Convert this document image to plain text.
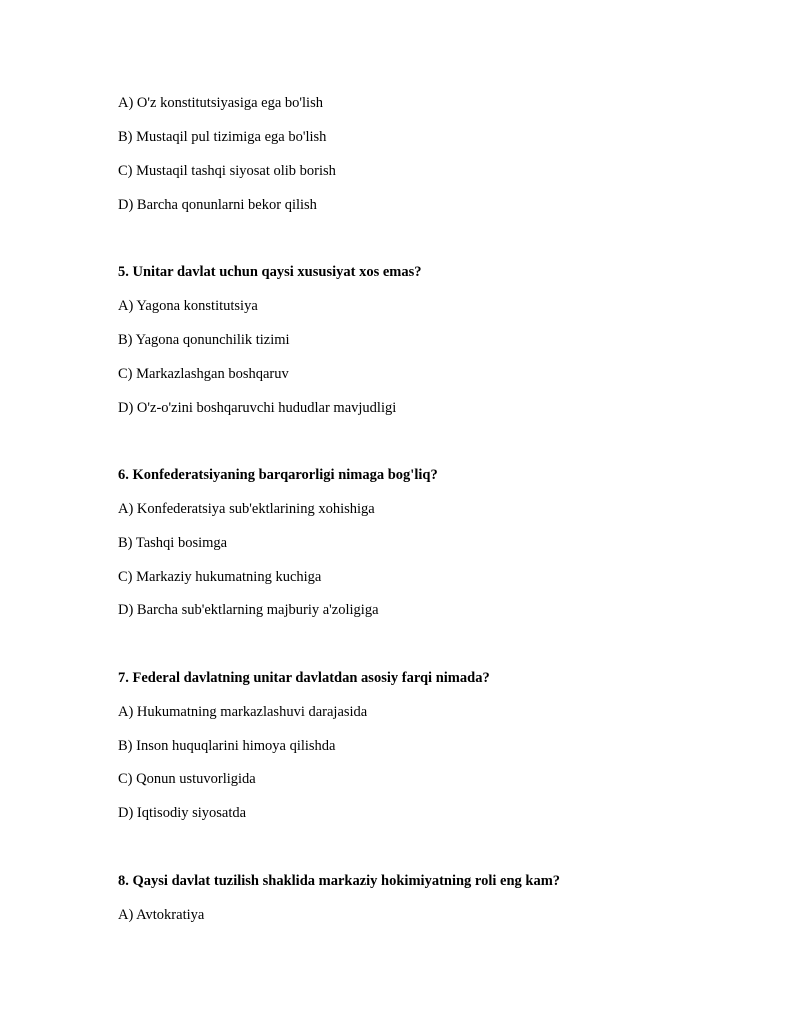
A) O'z konstitutsiyasiga ega bo'lish
B) Mustaqil pul tizimiga ega bo'lish
C) Mustaqil tashqi siyosat olib borish
D) Barcha qonunlarni bekor qilish
5. Unitar davlat uchun qaysi xususiyat xos emas?
A) Yagona konstitutsiya
B) Yagona qonunchilik tizimi
C) Markazlashgan boshqaruv
D) O'z-o'zini boshqaruvchi hududlar mavjudligi
6. Konfederatsiyaning barqarorligi nimaga bog'liq?
A) Konfederatsiya sub'ektlarining xohishiga
B) Tashqi bosimga
C) Markaziy hukumatning kuchiga
D) Barcha sub'ektlarning majburiy a'zoligiga
7. Federal davlatning unitar davlatdan asosiy farqi nimada?
A) Hukumatning markazlashuvi darajasida
B) Inson huquqlarini himoya qilishda
C) Qonun ustuvorligida
D) Iqtisodiy siyosatda
8. Qaysi davlat tuzilish shaklida markaziy hokimiyatning roli eng kam?
A) Avtokratiya
